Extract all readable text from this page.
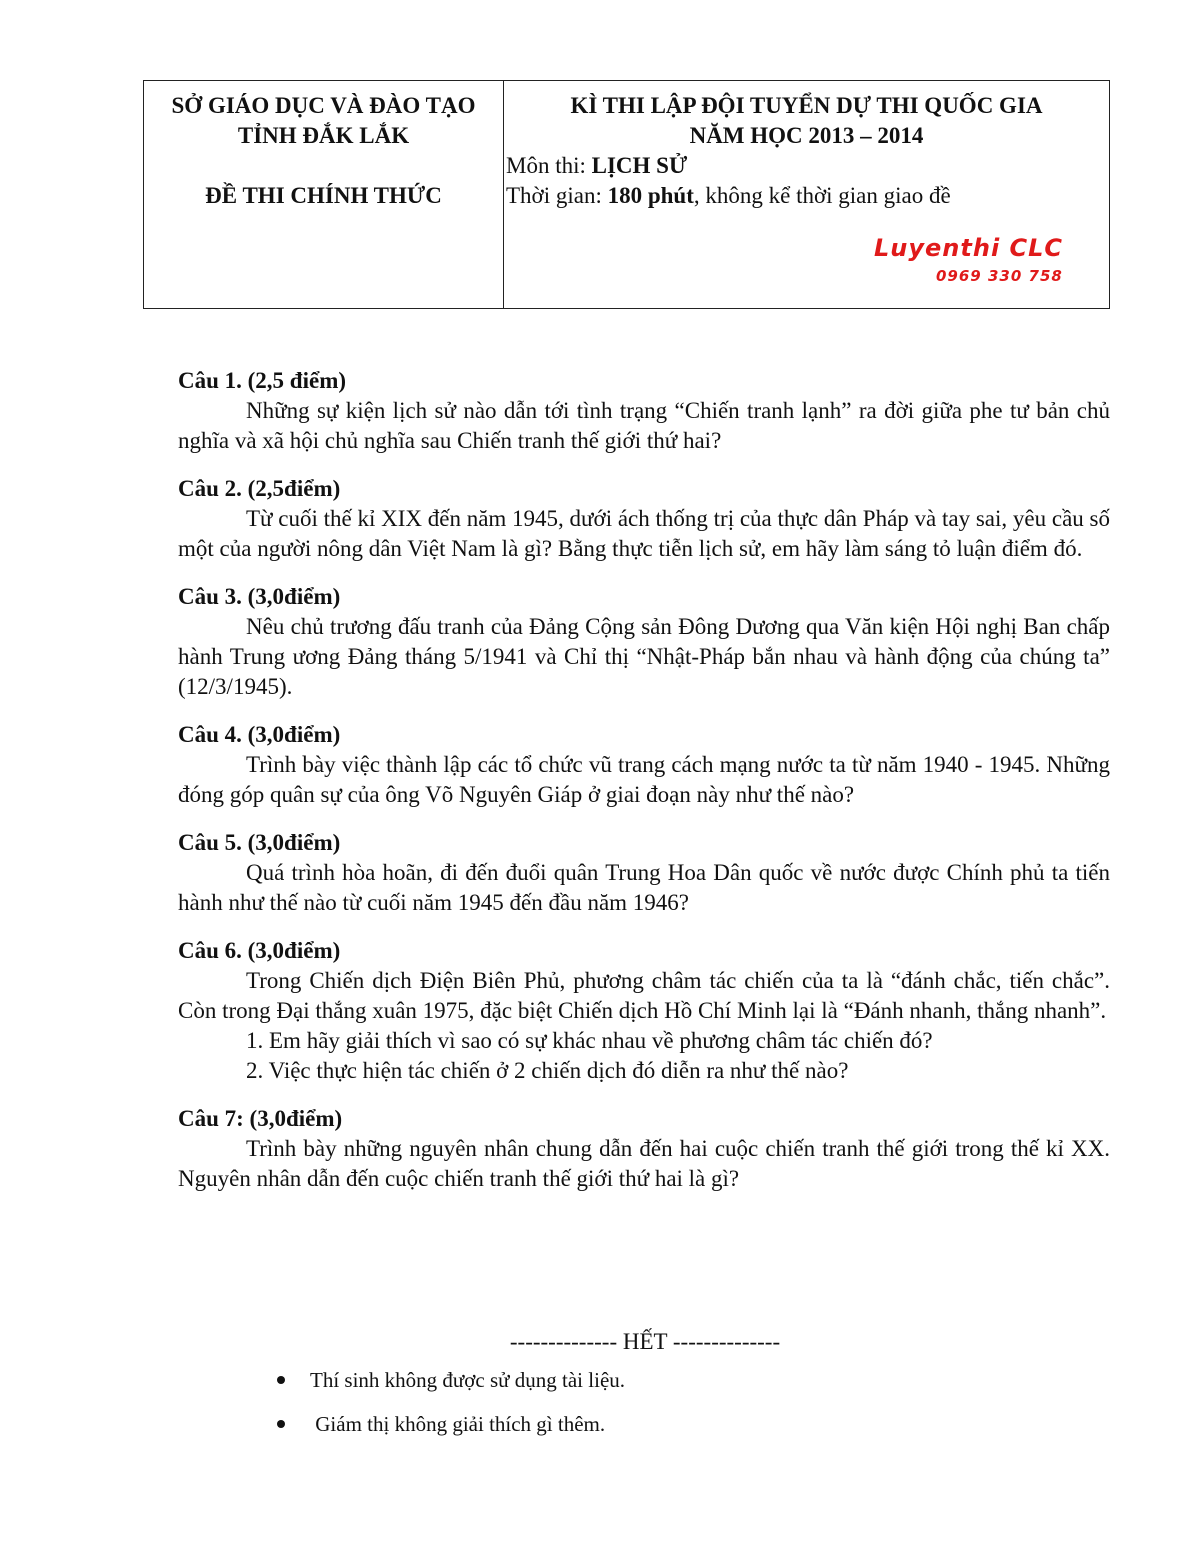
SỞ GIÁO DỤC VÀ ĐÀO TẠO
TỈNH ĐẮK LẮK
ĐỀ THI CHÍNH THỨC
KÌ THI LẬP ĐỘI TUYỂN DỰ THI QUỐC GIA
NĂM HỌC 2013 – 2014
Môn thi: LỊCH SỬ
Thời gian: 180 phút, không kể thời gian giao đề
Luyenthi CLC
0969 330 758
Câu 1. (2,5 điểm)
Những sự kiện lịch sử nào dẫn tới tình trạng “Chiến tranh lạnh” ra đời giữa phe tư bản chủ nghĩa và xã hội chủ nghĩa sau Chiến tranh thế giới thứ hai?
Câu 2. (2,5điểm)
Từ cuối thế kỉ XIX đến năm 1945, dưới ách thống trị của thực dân Pháp và tay sai, yêu cầu số một của người nông dân Việt Nam là gì? Bằng thực tiễn lịch sử, em hãy làm sáng tỏ luận điểm đó.
Câu 3. (3,0điểm)
Nêu chủ trương đấu tranh của Đảng Cộng sản Đông Dương qua Văn kiện Hội nghị Ban chấp hành Trung ương Đảng tháng 5/1941 và Chỉ thị “Nhật-Pháp bắn nhau và hành động của chúng ta” (12/3/1945).
Câu 4. (3,0điểm)
Trình bày việc thành lập các tổ chức vũ trang cách mạng nước ta từ năm 1940 - 1945. Những đóng góp quân sự của ông Võ Nguyên Giáp ở giai đoạn này như thế nào?
Câu 5. (3,0điểm)
Quá trình hòa hoãn, đi đến đuổi quân Trung Hoa Dân quốc về nước được Chính phủ ta tiến hành như thế nào từ cuối năm 1945 đến đầu năm 1946?
Câu 6. (3,0điểm)
Trong Chiến dịch Điện Biên Phủ, phương châm tác chiến của ta là “đánh chắc, tiến chắc”. Còn trong Đại thắng xuân 1975, đặc biệt Chiến dịch Hồ Chí Minh lại là “Đánh nhanh, thắng nhanh”.
1. Em hãy giải thích vì sao có sự khác nhau về phương châm tác chiến đó?
2. Việc thực hiện tác chiến ở 2 chiến dịch đó diễn ra như thế nào?
Câu 7: (3,0điểm)
Trình bày những nguyên nhân chung dẫn đến hai cuộc chiến tranh thế giới trong thế kỉ XX. Nguyên nhân dẫn đến cuộc chiến tranh thế giới thứ hai là gì?
-------------- HẾT --------------
Thí sinh không được sử dụng tài liệu.
Giám thị không giải thích gì thêm.
